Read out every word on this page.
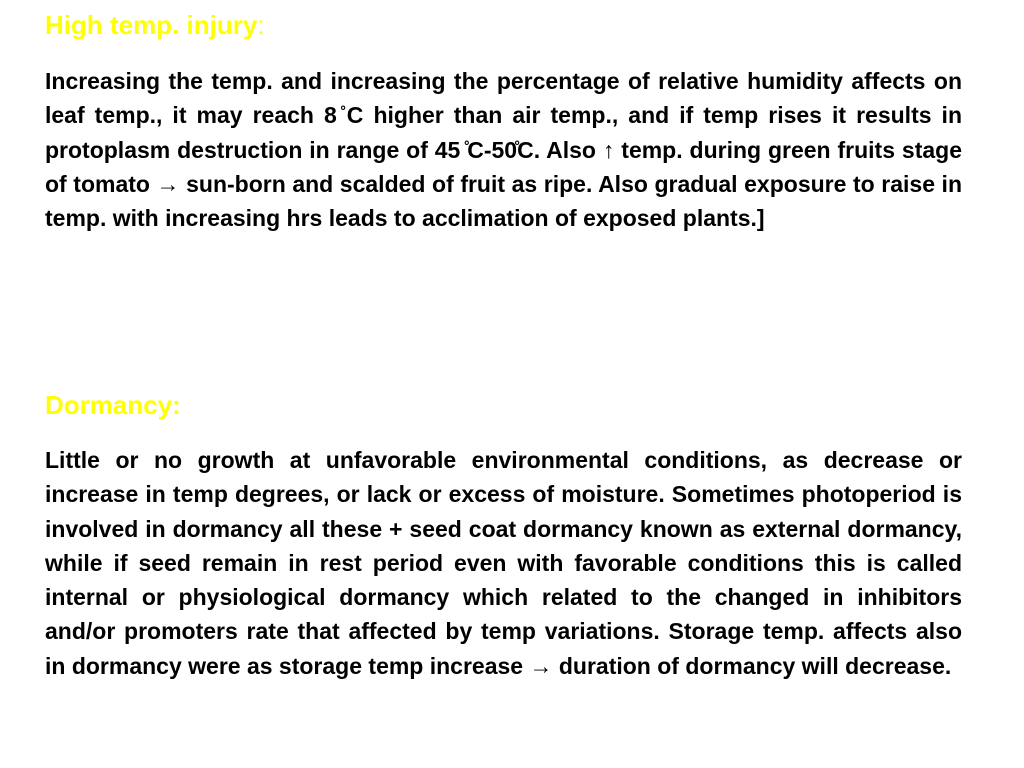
High temp. injury:

Increasing the temp. and increasing the percentage of relative humidity affects on leaf temp., it may reach 8 ̊C higher than air temp., and if temp rises it results in protoplasm destruction in range of 45 ̊C-50̊C. Also ↑ temp. during green fruits stage of tomato → sun-born and scalded of fruit as ripe. Also gradual exposure to raise in temp. with increasing hrs leads to acclimation of exposed plants.]

Dormancy:

Little or no growth at unfavorable environmental conditions, as decrease or increase in temp degrees, or lack or excess of moisture. Sometimes photoperiod is involved in dormancy all these + seed coat dormancy known as external dormancy, while if seed remain in rest period even with favorable conditions this is called internal or physiological dormancy which related to the changed in inhibitors and/or promoters rate that affected by temp variations. Storage temp. affects also in dormancy were as storage temp increase → duration of dormancy will decrease.
